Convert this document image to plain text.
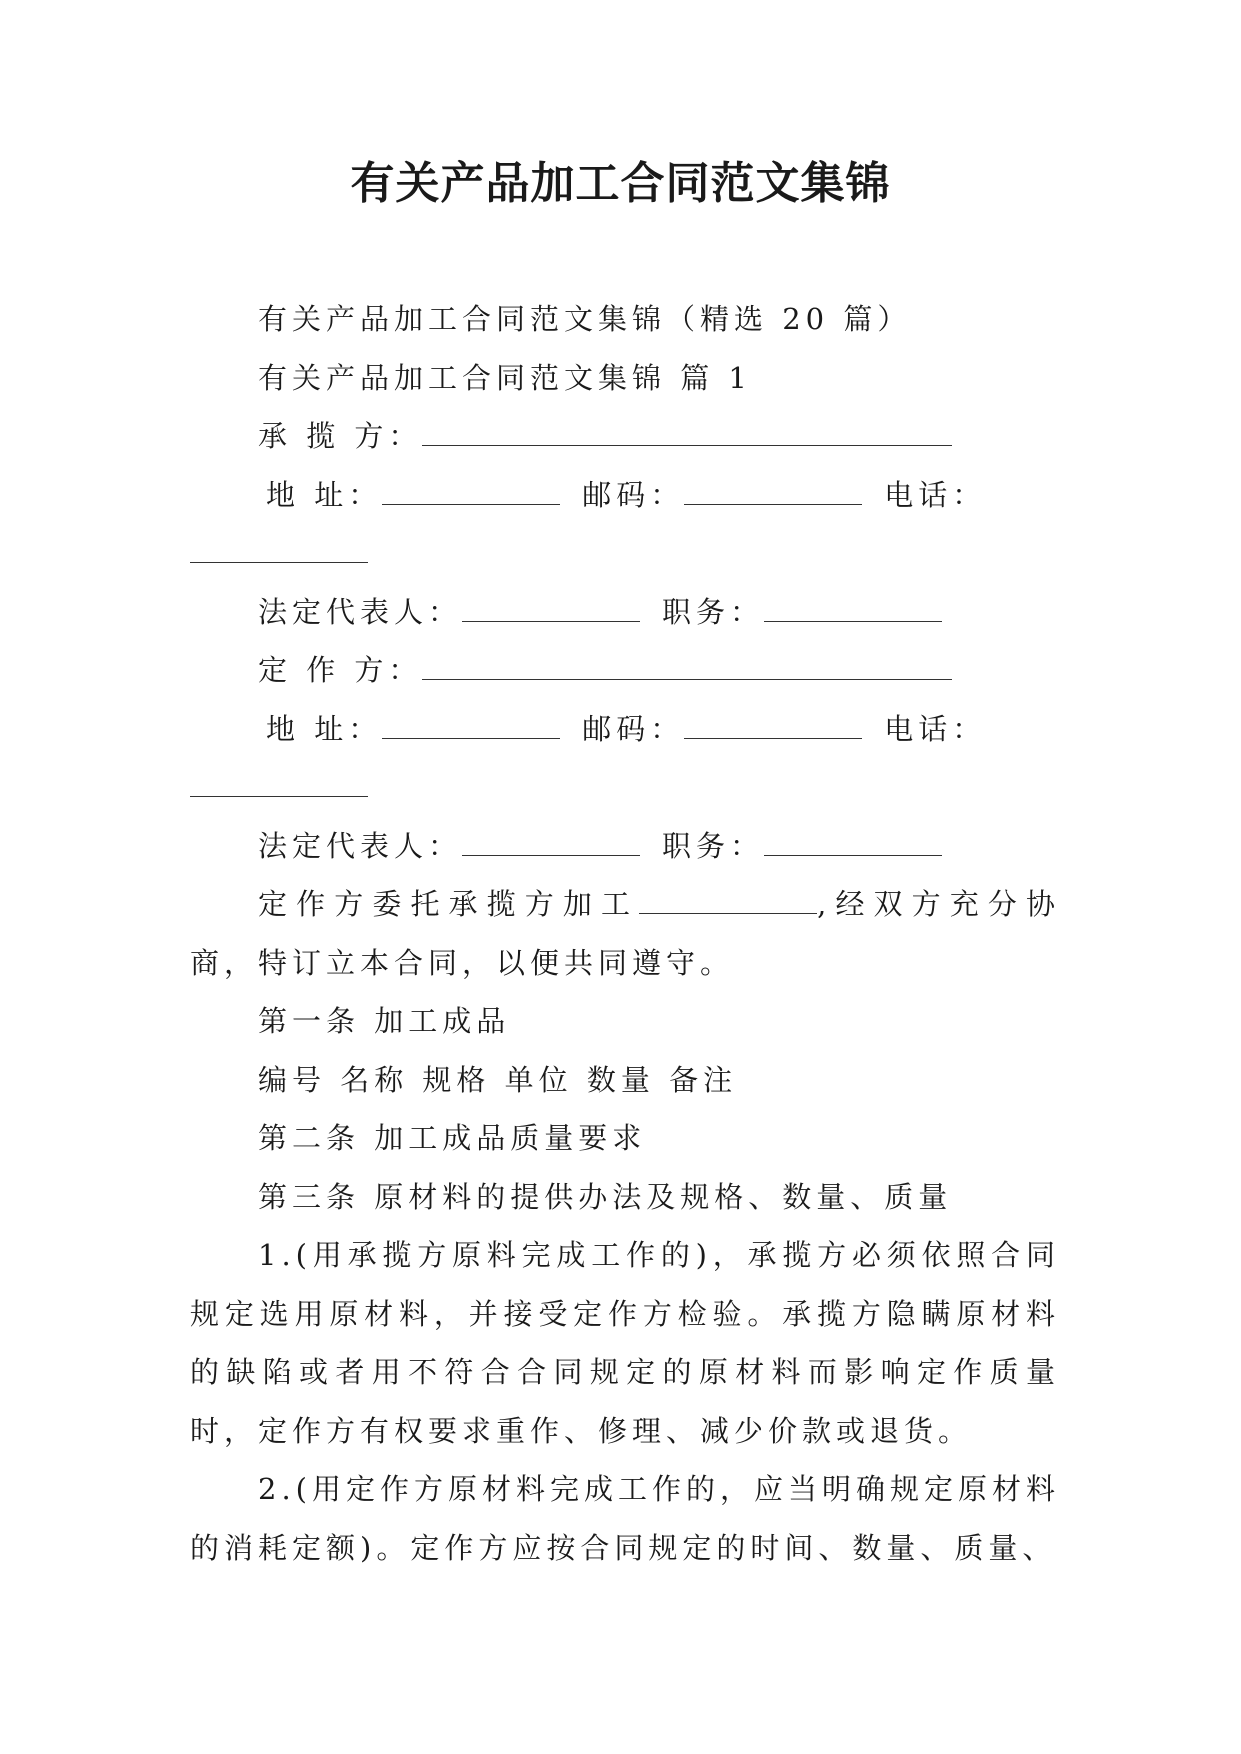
有关产品加工合同范文集锦

有关产品加工合同范文集锦（精选 20 篇）

有关产品加工合同范文集锦 篇 1

承 揽 方：

地 址：	邮码：	电话：

法定代表人：	职务：

定 作 方：

地 址：	邮码：	电话：

法定代表人：	职务：

定作方委托承揽方加工	,经双方充分协商，特订立本合同，以便共同遵守。

第一条 加工成品

编号 名称 规格 单位 数量 备注

第二条 加工成品质量要求

第三条 原材料的提供办法及规格、数量、质量

1.(用承揽方原料完成工作的)，承揽方必须依照合同规定选用原材料，并接受定作方检验。承揽方隐瞒原材料的缺陷或者用不符合合同规定的原材料而影响定作质量时，定作方有权要求重作、修理、减少价款或退货。

2.(用定作方原材料完成工作的，应当明确规定原材料的消耗定额)。定作方应按合同规定的时间、数量、质量、
